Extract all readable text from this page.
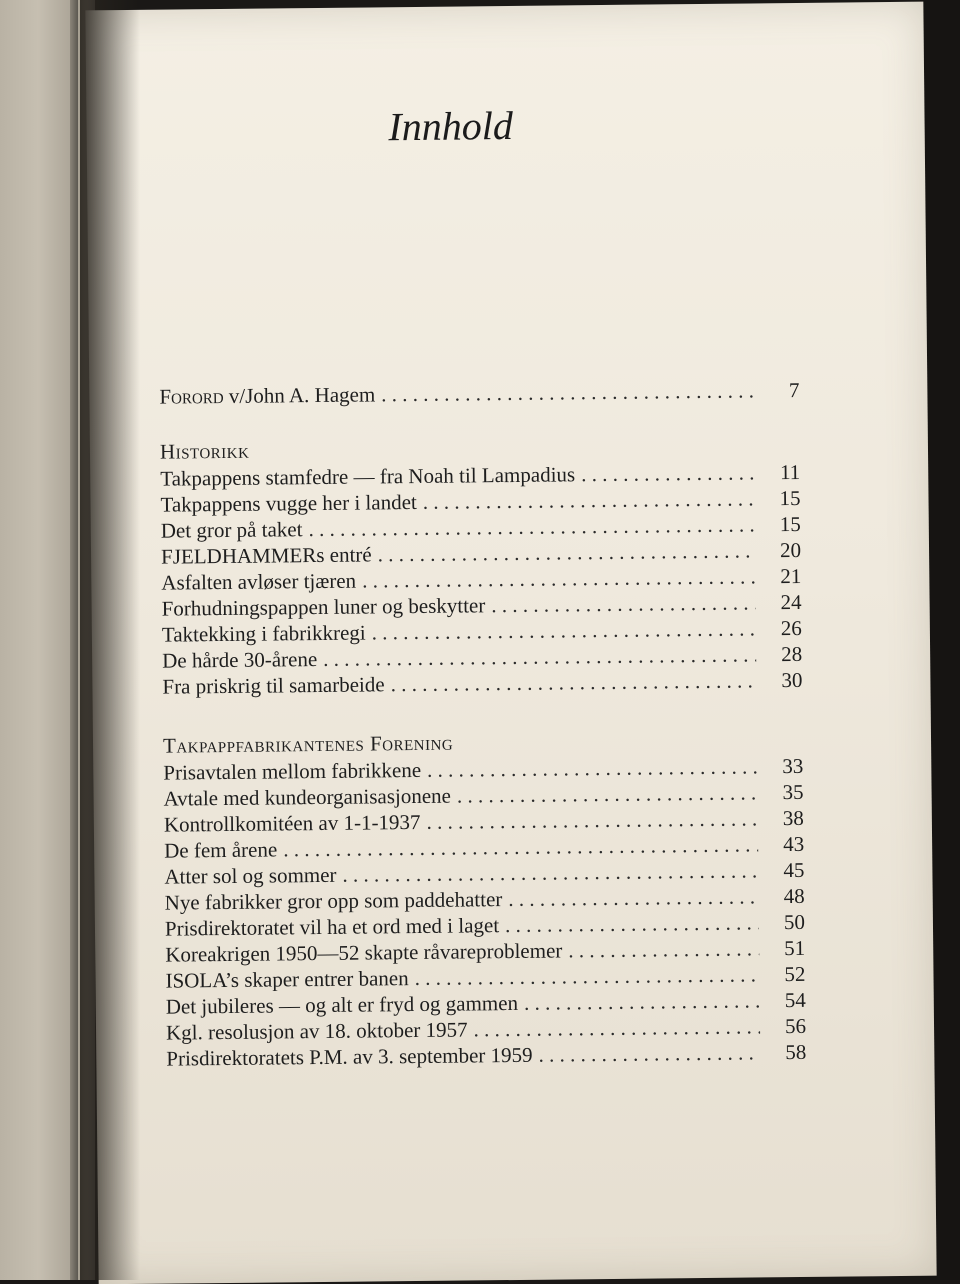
Innhold
Forord v/John A. Hagem . . .	7
Historikk
Takpappens stamfedre — fra Noah til Lampadius . . .	11
Takpappens vugge her i landet . . .	15
Det gror på taket . . .	15
FJELDHAMMERs entré . . .	20
Asfalten avløser tjæren . . .	21
Forhudningspappen luner og beskytter . . .	24
Taktekking i fabrikkregi . . .	26
De hårde 30-årene . . .	28
Fra priskrig til samarbeide . . .	30
Takpappfabrikantenes Forening
Prisavtalen mellom fabrikkene . . .	33
Avtale med kundeorganisasjonene . . .	35
Kontrollkomitéen av 1-1-1937 . . .	38
De fem årene . . .	43
Atter sol og sommer . . .	45
Nye fabrikker gror opp som paddehatter . . .	48
Prisdirektoratet vil ha et ord med i laget . . .	50
Koreakrigen 1950—52 skapte råvareproblemer . . .	51
ISOLA’s skaper entrer banen . . .	52
Det jubileres — og alt er fryd og gammen . . .	54
Kgl. resolusjon av 18. oktober 1957 . . .	56
Prisdirektoratets P.M. av 3. september 1959 . . .	58
